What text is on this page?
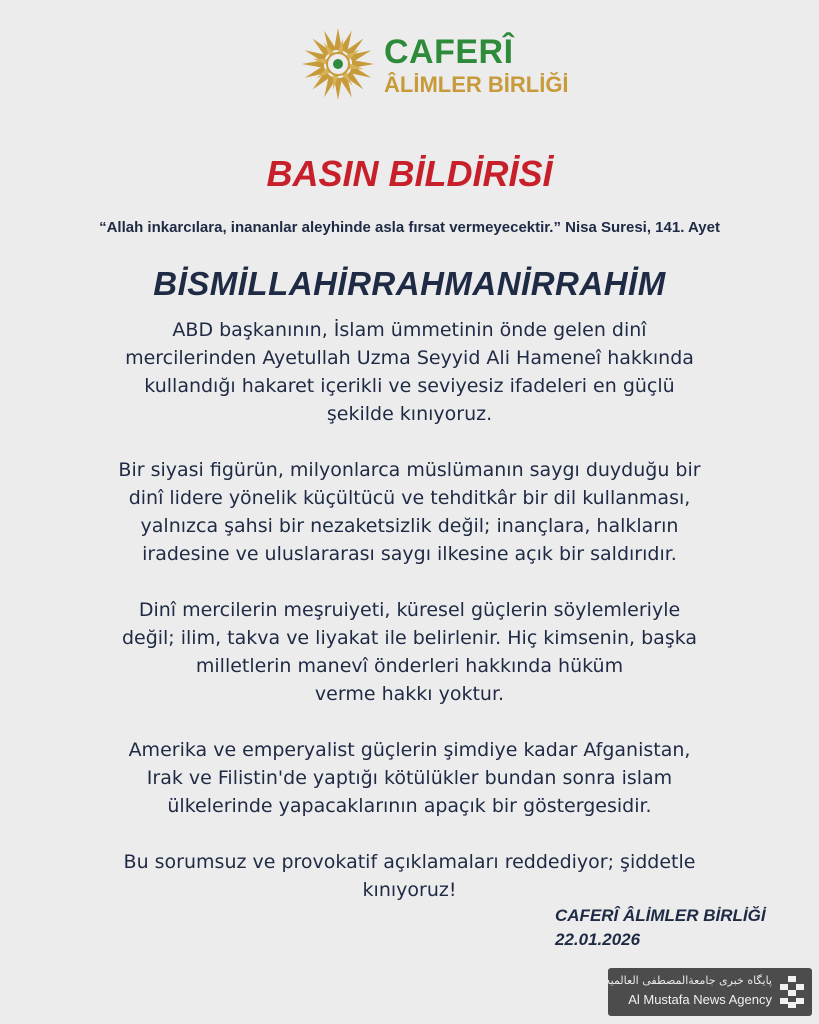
CAFERÎ
ÂLİMLER BİRLİĞİ
BASIN BİLDİRİSİ
“Allah inkarcılara, inananlar aleyhinde asla fırsat vermeyecektir.” Nisa Suresi, 141. Ayet
BİSMİLLAHİRRAHMANİRRAHİM

ABD başkanının, İslam ümmetinin önde gelen dinî
mercilerinden Ayetullah Uzma Seyyid Ali Hameneî hakkında
kullandığı hakaret içerikli ve seviyesiz ifadeleri en güçlü
şekilde kınıyoruz.

Bir siyasi figürün, milyonlarca müslümanın saygı duyduğu bir
dinî lidere yönelik küçültücü ve tehditkâr bir dil kullanması,
yalnızca şahsi bir nezaketsizlik değil; inançlara, halkların
iradesine ve uluslararası saygı ilkesine açık bir saldırıdır.

Dinî mercilerin meşruiyeti, küresel güçlerin söylemleriyle
değil; ilim, takva ve liyakat ile belirlenir. Hiç kimsenin, başka
milletlerin manevî önderleri hakkında hüküm
verme hakkı yoktur.

Amerika ve emperyalist güçlerin şimdiye kadar Afganistan,
Irak ve Filistin'de yaptığı kötülükler bundan sonra islam
ülkelerinde yapacaklarının apaçık bir göstergesidir.

Bu sorumsuz ve provokatif açıklamaları reddediyor; şiddetle
kınıyoruz!

CAFERÎ ÂLİMLER BİRLİĞİ
22.01.2026
پایگاه خبری جامعةالمصطفی العالمیه
Al Mustafa News Agency
